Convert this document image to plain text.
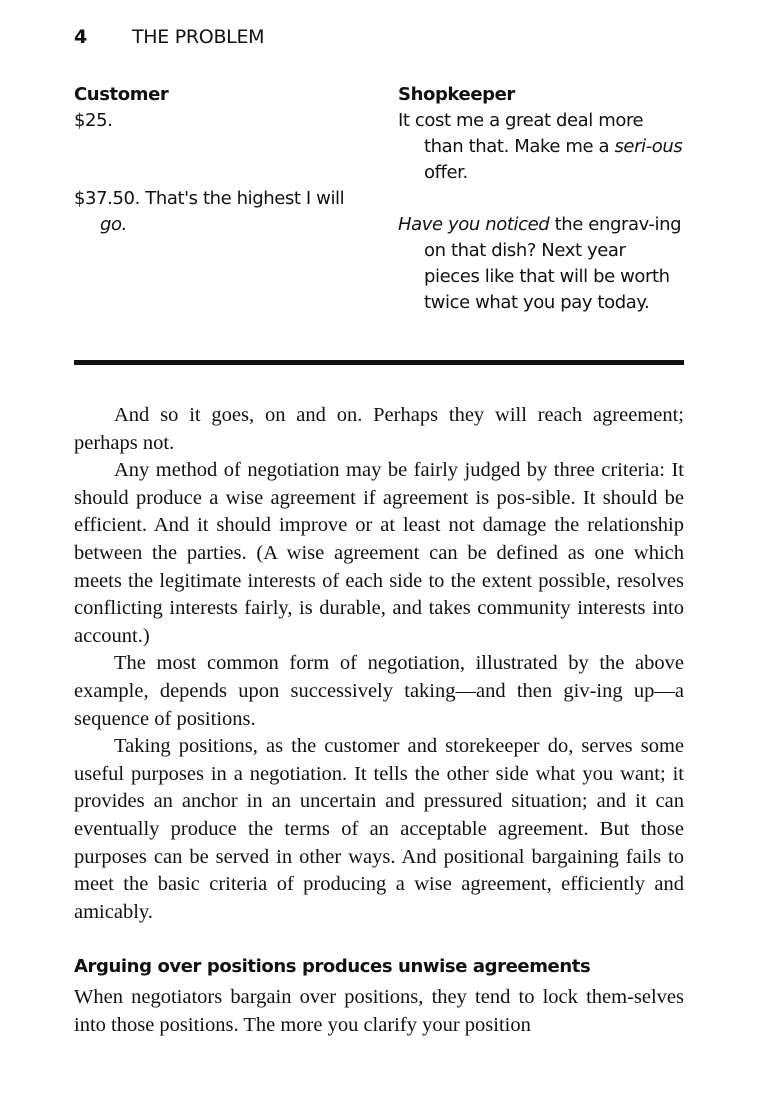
4 THE PROBLEM
Customer

$25.

$37.50. That's the highest I will go.

Shopkeeper

It cost me a great deal more than that. Make me a seri-ous offer.

Have you noticed the engrav-ing on that dish? Next year pieces like that will be worth twice what you pay today.

And so it goes, on and on. Perhaps they will reach agreement; perhaps not.

Any method of negotiation may be fairly judged by three criteria: It should produce a wise agreement if agreement is pos-sible. It should be efficient. And it should improve or at least not damage the relationship between the parties. (A wise agreement can be defined as one which meets the legitimate interests of each side to the extent possible, resolves conflicting interests fairly, is durable, and takes community interests into account.)

The most common form of negotiation, illustrated by the above example, depends upon successively taking—and then giv-ing up—a sequence of positions.

Taking positions, as the customer and storekeeper do, serves some useful purposes in a negotiation. It tells the other side what you want; it provides an anchor in an uncertain and pressured situation; and it can eventually produce the terms of an acceptable agreement. But those purposes can be served in other ways. And positional bargaining fails to meet the basic criteria of producing a wise agreement, efficiently and amicably.

Arguing over positions produces unwise agreements

When negotiators bargain over positions, they tend to lock them-selves into those positions. The more you clarify your position
